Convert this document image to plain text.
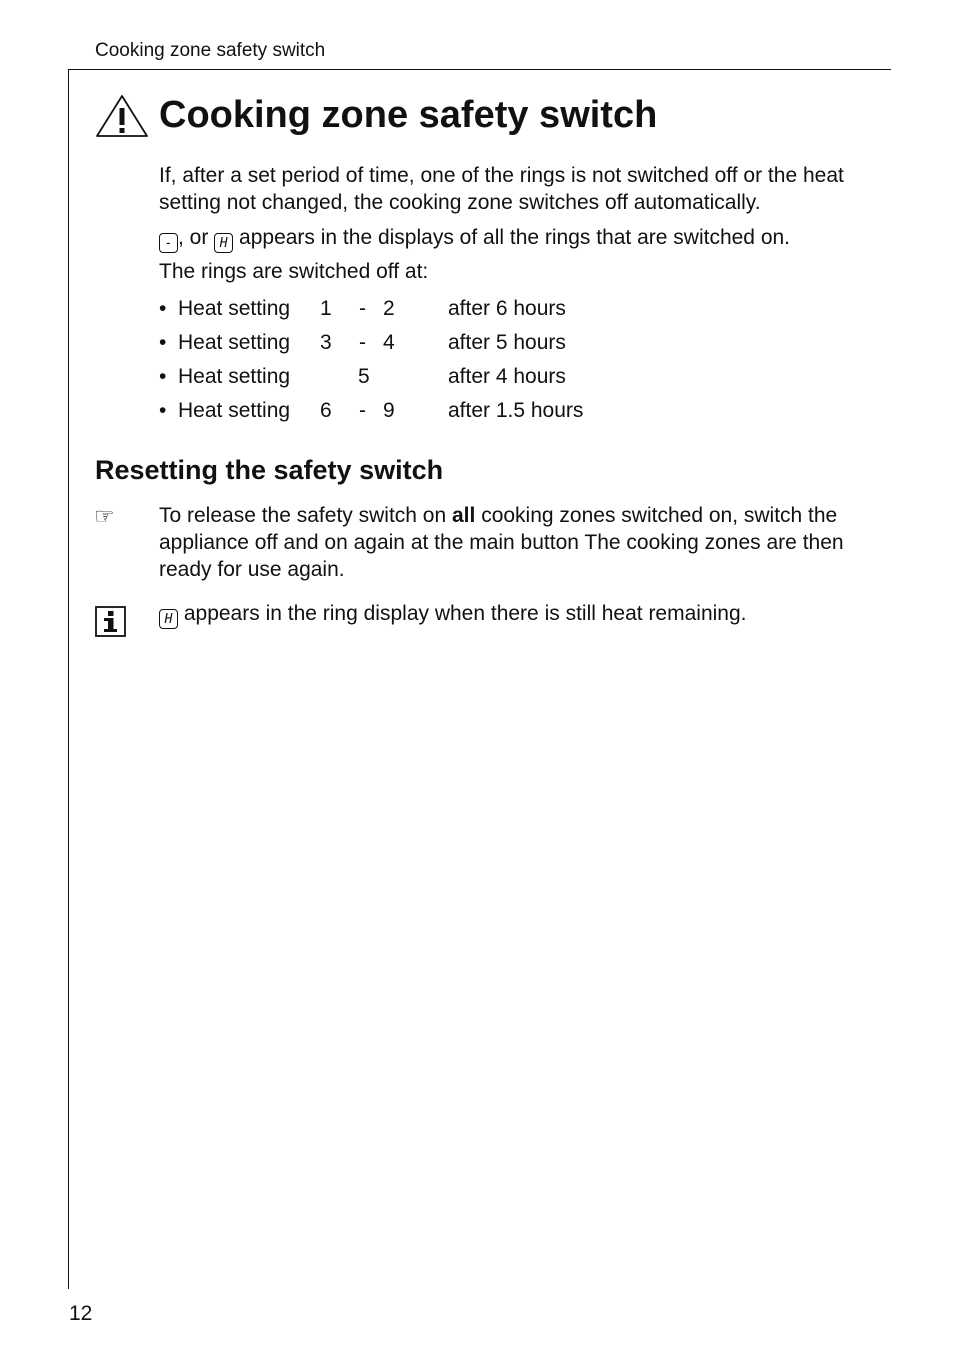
Cooking zone safety switch
Cooking zone safety switch

If, after a set period of time, one of the rings is not switched off or the heat setting not changed, the cooking zone switches off automatically.

- , or H appears in the displays of all the rings that are switched on.

The rings are switched off at:

• Heat setting 1 - 2	after 6 hours
• Heat setting 3 - 4	after 5 hours
• Heat setting	5	after 4 hours
• Heat setting 6 - 9	after 1.5 hours
Resetting the safety switch
☞ To release the safety switch on all cooking zones switched on, switch the appliance off and on again at the main button The cooking zones are then ready for use again.

H appears in the ring display when there is still heat remaining.

12
